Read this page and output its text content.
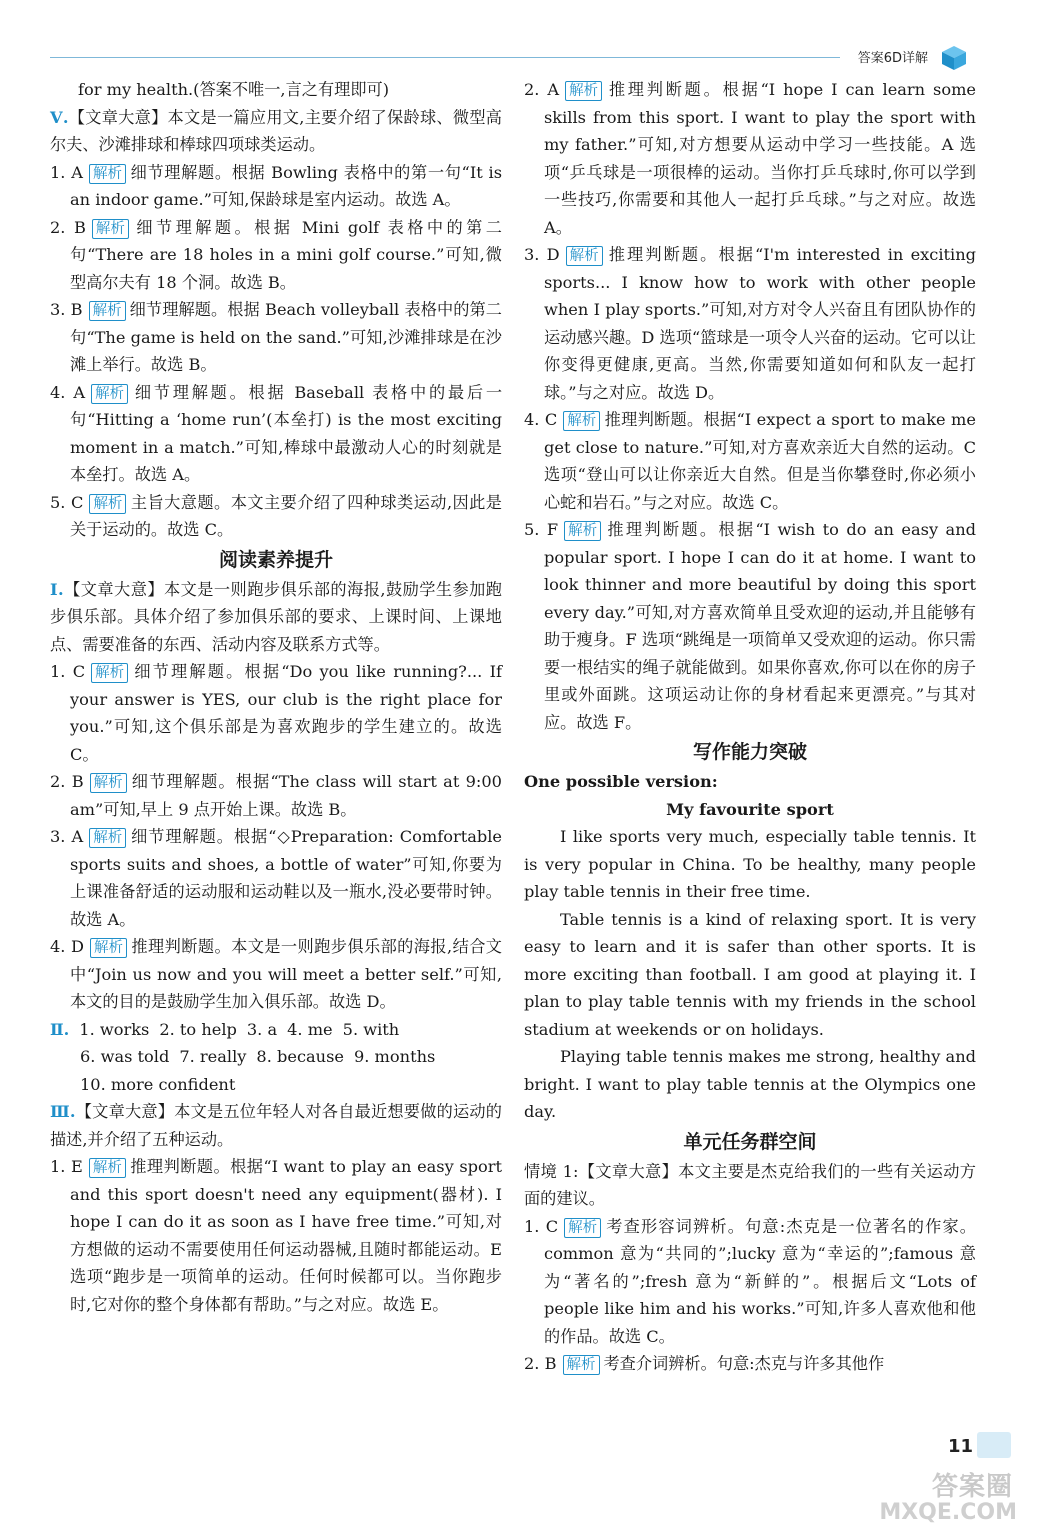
答案6D详解

for my health.(答案不唯一,言之有理即可)

Ⅴ.【文章大意】本文是一篇应用文,主要介绍了保龄球、微型高尔夫、沙滩排球和棒球四项球类运动。

1. A 解析 细节理解题。根据 Bowling 表格中的第一句“It is an indoor game.”可知,保龄球是室内运动。故选 A。

2. B 解析 细节理解题。根据 Mini golf 表格中的第二句“There are 18 holes in a mini golf course.”可知,微型高尔夫有 18 个洞。故选 B。

3. B 解析 细节理解题。根据 Beach volleyball 表格中的第二句“The game is held on the sand.”可知,沙滩排球是在沙滩上举行。故选 B。

4. A 解析 细节理解题。根据 Baseball 表格中的最后一句“Hitting a ‘home run’(本垒打) is the most exciting moment in a match.”可知,棒球中最激动人心的时刻就是本垒打。故选 A。

5. C 解析 主旨大意题。本文主要介绍了四种球类运动,因此是关于运动的。故选 C。

阅读素养提升

Ⅰ.【文章大意】本文是一则跑步俱乐部的海报,鼓励学生参加跑步俱乐部。具体介绍了参加俱乐部的要求、上课时间、上课地点、需要准备的东西、活动内容及联系方式等。

1. C 解析 细节理解题。根据“Do you like running?... If your answer is YES, our club is the right place for you.”可知,这个俱乐部是为喜欢跑步的学生建立的。故选 C。

2. B 解析 细节理解题。根据“The class will start at 9:00 am”可知,早上 9 点开始上课。故选 B。

3. A 解析 细节理解题。根据“◇Preparation: Comfortable sports suits and shoes, a bottle of water”可知,你要为上课准备舒适的运动服和运动鞋以及一瓶水,没必要带时钟。故选 A。

4. D 解析 推理判断题。本文是一则跑步俱乐部的海报,结合文中“Join us now and you will meet a better self.”可知,本文的目的是鼓励学生加入俱乐部。故选 D。

Ⅱ. 1. works 2. to help 3. a 4. me 5. with

6. was told 7. really 8. because 9. months

10. more confident

Ⅲ.【文章大意】本文是五位年轻人对各自最近想要做的运动的描述,并介绍了五种运动。

1. E 解析 推理判断题。根据“I want to play an easy sport and this sport doesn't need any equipment(器材). I hope I can do it as soon as I have free time.”可知,对方想做的运动不需要使用任何运动器械,且随时都能运动。E 选项“跑步是一项简单的运动。任何时候都可以。当你跑步时,它对你的整个身体都有帮助。”与之对应。故选 E。

2. A 解析 推理判断题。根据“I hope I can learn some skills from this sport. I want to play the sport with my father.”可知,对方想要从运动中学习一些技能。A 选项“乒乓球是一项很棒的运动。当你打乒乓球时,你可以学到一些技巧,你需要和其他人一起打乒乓球。”与之对应。故选 A。

3. D 解析 推理判断题。根据“I'm interested in exciting sports... I know how to work with other people when I play sports.”可知,对方对令人兴奋且有团队协作的运动感兴趣。D 选项“篮球是一项令人兴奋的运动。它可以让你变得更健康,更高。当然,你需要知道如何和队友一起打球。”与之对应。故选 D。

4. C 解析 推理判断题。根据“I expect a sport to make me get close to nature.”可知,对方喜欢亲近大自然的运动。C 选项“登山可以让你亲近大自然。但是当你攀登时,你必须小心蛇和岩石。”与之对应。故选 C。

5. F 解析 推理判断题。根据“I wish to do an easy and popular sport. I hope I can do it at home. I want to look thinner and more beautiful by doing this sport every day.”可知,对方喜欢简单且受欢迎的运动,并且能够有助于瘦身。F 选项“跳绳是一项简单又受欢迎的运动。你只需要一根结实的绳子就能做到。如果你喜欢,你可以在你的房子里或外面跳。这项运动让你的身材看起来更漂亮。”与其对应。故选 F。

写作能力突破

One possible version:

My favourite sport

I like sports very much, especially table tennis. It is very popular in China. To be healthy, many people play table tennis in their free time.

Table tennis is a kind of relaxing sport. It is very easy to learn and it is safer than other sports. It is more exciting than football. I am good at playing it. I plan to play table tennis with my friends in the school stadium at weekends or on holidays.

Playing table tennis makes me strong, healthy and bright. I want to play table tennis at the Olympics one day.

单元任务群空间

情境 1:【文章大意】本文主要是杰克给我们的一些有关运动方面的建议。

1. C 解析 考查形容词辨析。句意:杰克是一位著名的作家。common 意为“共同的”;lucky 意为“幸运的”;famous 意为“著名的”;fresh 意为“新鲜的”。根据后文“Lots of people like him and his works.”可知,许多人喜欢他和他的作品。故选 C。

2. B 解析 考查介词辨析。句意:杰克与许多其他作

11
答案圈
MXQE.COM
